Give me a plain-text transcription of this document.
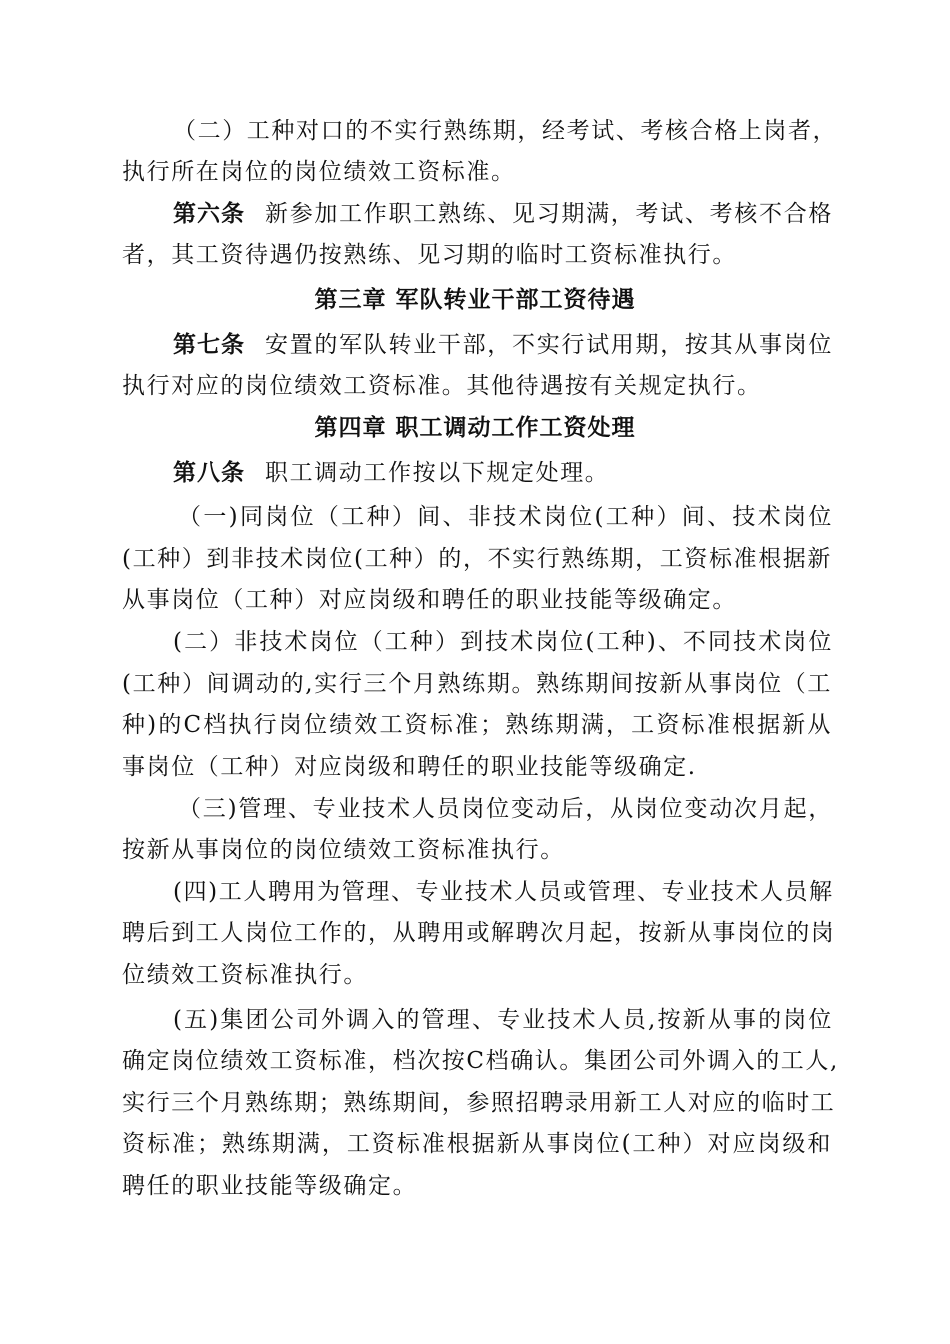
（二）工种对口的不实行熟练期，经考试、考核合格上岗者，
执行所在岗位的岗位绩效工资标准。
第六条 新参加工作职工熟练、见习期满，考试、考核不合格
者，其工资待遇仍按熟练、见习期的临时工资标准执行。
第三章 军队转业干部工资待遇
第七条 安置的军队转业干部，不实行试用期，按其从事岗位
执行对应的岗位绩效工资标准。其他待遇按有关规定执行。
第四章 职工调动工作工资处理
第八条 职工调动工作按以下规定处理。
（一)同岗位（工种）间、非技术岗位(工种）间、技术岗位
(工种）到非技术岗位(工种）的，不实行熟练期，工资标准根据新
从事岗位（工种）对应岗级和聘任的职业技能等级确定。
(二）非技术岗位（工种）到技术岗位(工种)、不同技术岗位
(工种）间调动的,实行三个月熟练期。熟练期间按新从事岗位（工
种)的C档执行岗位绩效工资标准；熟练期满，工资标准根据新从
事岗位（工种）对应岗级和聘任的职业技能等级确定.
（三)管理、专业技术人员岗位变动后，从岗位变动次月起，
按新从事岗位的岗位绩效工资标准执行。
(四)工人聘用为管理、专业技术人员或管理、专业技术人员解
聘后到工人岗位工作的，从聘用或解聘次月起，按新从事岗位的岗
位绩效工资标准执行。
(五)集团公司外调入的管理、专业技术人员,按新从事的岗位
确定岗位绩效工资标准，档次按C档确认。集团公司外调入的工人,
实行三个月熟练期；熟练期间，参照招聘录用新工人对应的临时工
资标准；熟练期满，工资标准根据新从事岗位(工种）对应岗级和
聘任的职业技能等级确定。
